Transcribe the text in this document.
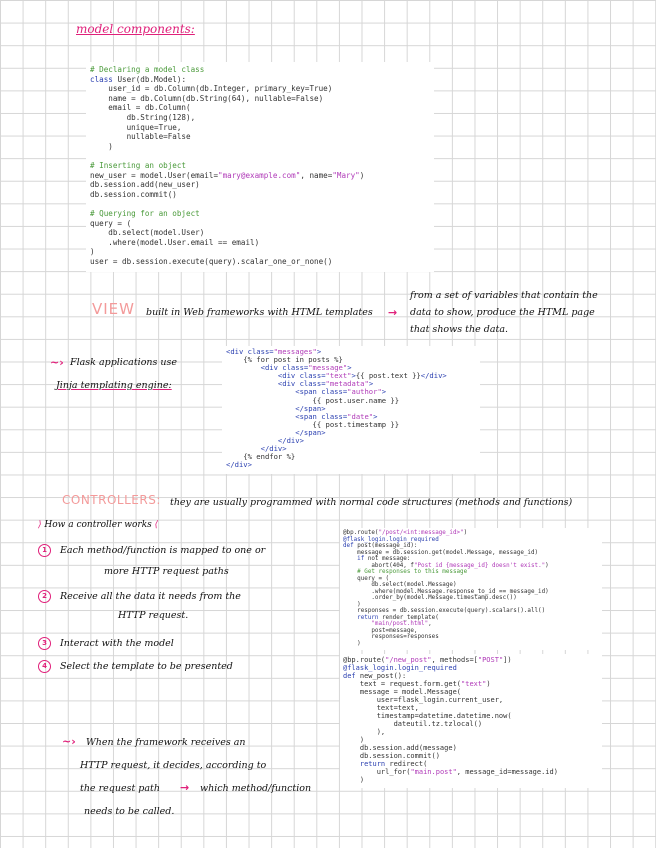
model components:
# Declaring a model class
class User(db.Model):
user_id = db.Column(db.Integer, primary_key=True)
name = db.Column(db.String(64), nullable=False)
email = db.Column(
db.String(128),
unique=True,
nullable=False
)

# Inserting an object
new_user = model.User(email="mary@example.com", name="Mary")
db.session.add(new_user)
db.session.commit()

# Querying for an object
query = (
db.select(model.User)
.where(model.User.email == email)
)
user = db.session.execute(query).scalar_one_or_none()
VIEW built in Web frameworks with HTML templates →
from a set of variables that contain the
data to show, produce the HTML page
that shows the data.
~› Flask applications use
Jinja templating engine:
<div class="messages">
{% for post in posts %}
<div class="message">
<div class="text">{{ post.text }}</div>
<div class="metadata">
<span class="author">
{{ post.user.name }}
</span>
<span class="date">
{{ post.timestamp }}
</span>
</div>
</div>
{% endfor %}
</div>
CONTROLLERS: they are usually programmed with normal code structures (methods and functions)
⟩ How a controller works ⟨
1	Each method/function is mapped to one or
more HTTP request paths
2	Receive all the data it needs from the
HTTP request.
3	Interact with the model
4	Select the template to be presented
~› When the framework receives an
HTTP request, it decides, according to
the request path → which method/function
needs to be called.
@bp.route("/post/<int:message_id>")
@flask_login.login_required
def post(message_id):
message = db.session.get(model.Message, message_id)
if not message:
abort(404, f"Post id {message_id} doesn't exist.")
# Get responses to this message
query = (
db.select(model.Message)
.where(model.Message.response_to_id == message_id)
.order_by(model.Message.timestamp.desc())
)
responses = db.session.execute(query).scalars().all()
return render_template(
"main/post.html",
post=message,
responses=responses
)
@bp.route("/new_post", methods=["POST"])
@flask_login.login_required
def new_post():
text = request.form.get("text")
message = model.Message(
user=flask_login.current_user,
text=text,
timestamp=datetime.datetime.now(
dateutil.tz.tzlocal()
),
)
db.session.add(message)
db.session.commit()
return redirect(
url_for("main.post", message_id=message.id)
)
